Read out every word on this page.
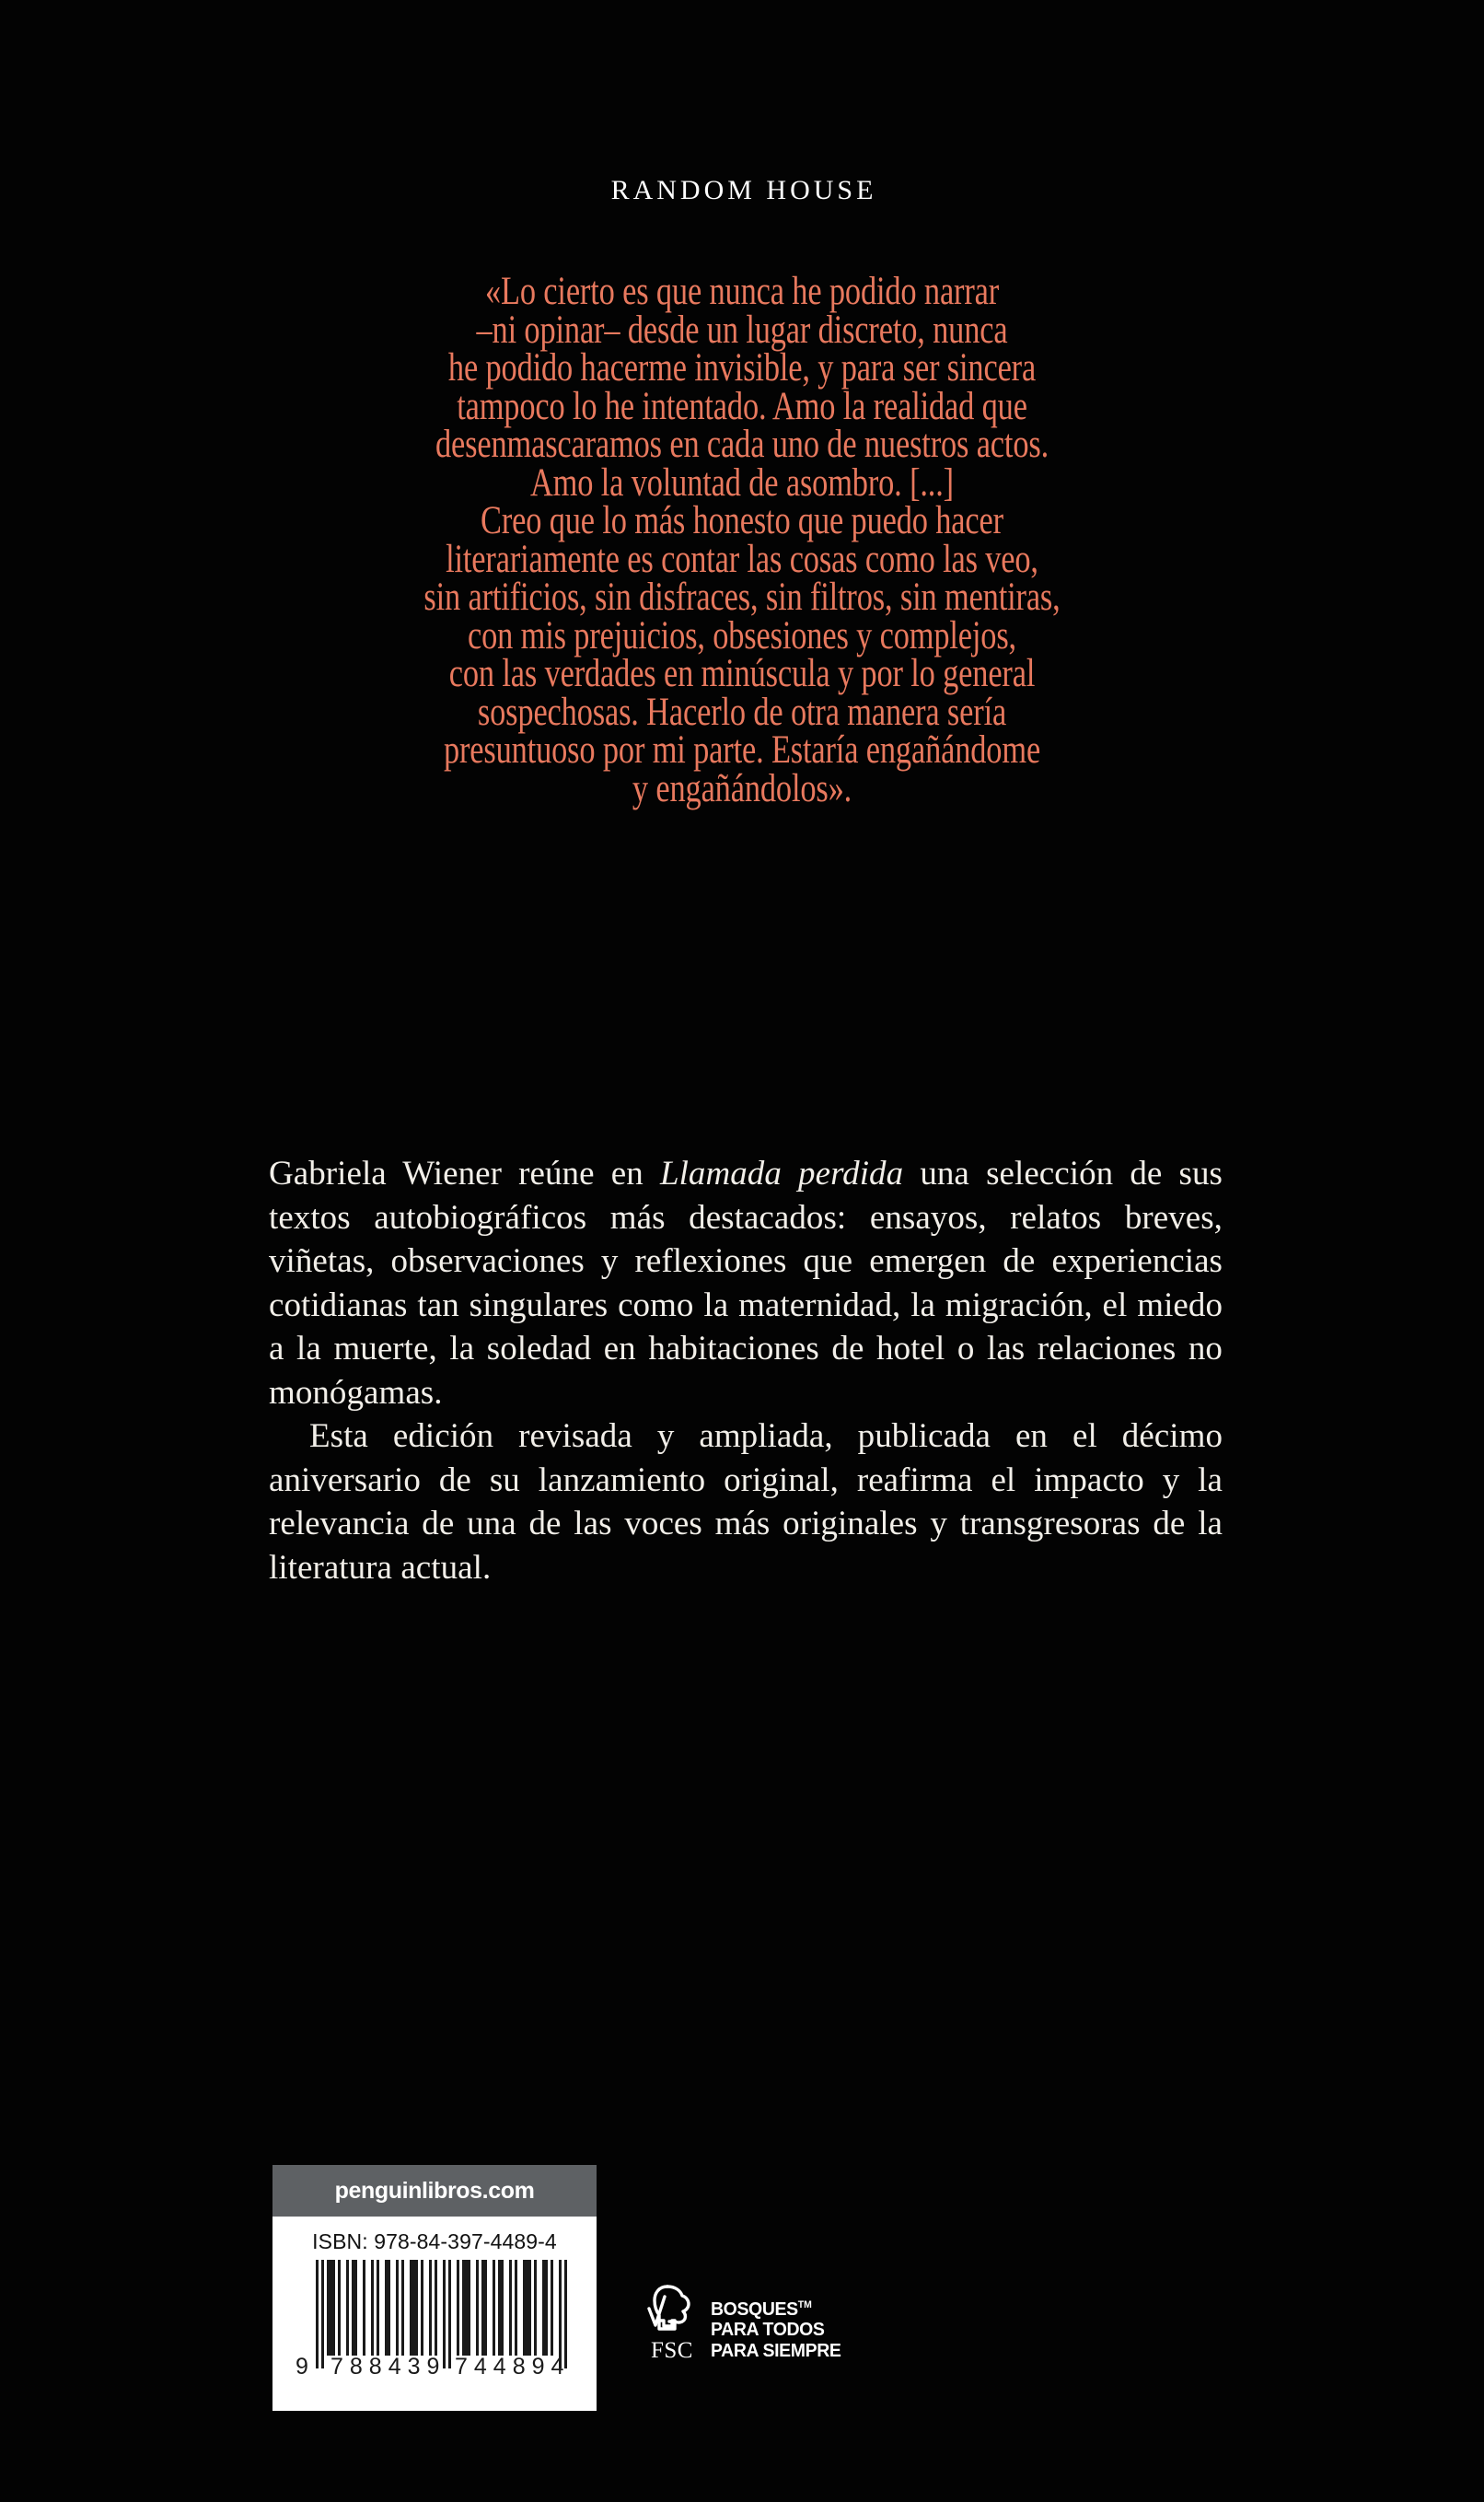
RANDOM HOUSE
«Lo cierto es que nunca he podido narrar
–ni opinar– desde un lugar discreto, nunca
he podido hacerme invisible, y para ser sincera
tampoco lo he intentado. Amo la realidad que
desenmascaramos en cada uno de nuestros actos.
Amo la voluntad de asombro. [...]
Creo que lo más honesto que puedo hacer
literariamente es contar las cosas como las veo,
sin artificios, sin disfraces, sin filtros, sin mentiras,
con mis prejuicios, obsesiones y complejos,
con las verdades en minúscula y por lo general
sospechosas. Hacerlo de otra manera sería
presuntuoso por mi parte. Estaría engañándome
y engañándolos».

Gabriela Wiener reúne en Llamada perdida una selección de sus textos autobiográficos más destacados: ensayos, relatos breves, viñetas, observaciones y reflexiones que emergen de experiencias cotidianas tan singulares como la maternidad, la migración, el miedo a la muerte, la soledad en habitaciones de hotel o las relaciones no monógamas.

Esta edición revisada y ampliada, publicada en el décimo aniversario de su lanzamiento original, reafirma el impacto y la relevancia de una de las voces más originales y transgresoras de la literatura actual.

penguinlibros.com
ISBN: 978-84-397-4489-4
9 788439 744894
FSC
BOSQUES™
PARA TODOS
PARA SIEMPRE
